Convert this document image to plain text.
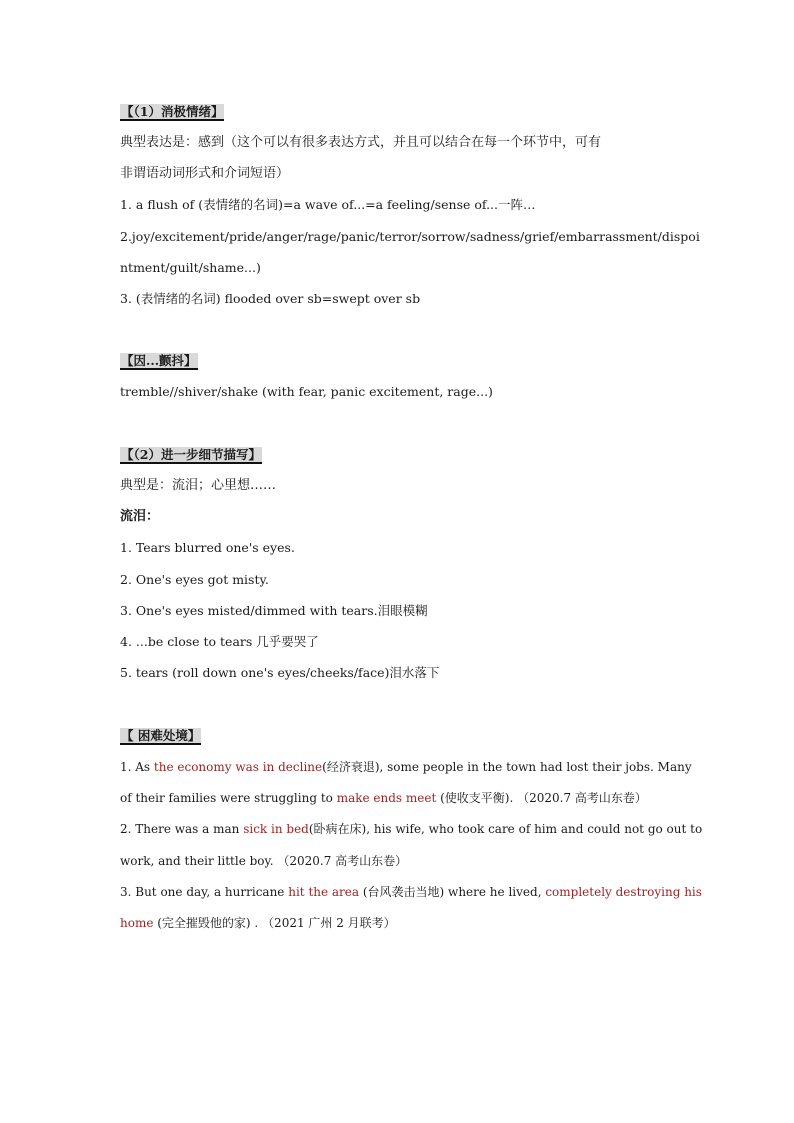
【（1）消极情绪】
典型表达是：感到（这个可以有很多表达方式，并且可以结合在每一个环节中，可有
非谓语动词形式和介词短语）
1. a flush of (表情绪的名词)=a wave of...=a feeling/sense of...一阵…
2.joy/excitement/pride/anger/rage/panic/terror/sorrow/sadness/grief/embarrassment/dispoi
ntment/guilt/shame...)
3. (表情绪的名词) flooded over sb=swept over sb
【因...颤抖】
tremble//shiver/shake (with fear, panic excitement, rage...)
【（2）进一步细节描写】
典型是：流泪；心里想……
流泪：
1. Tears blurred one's eyes.
2. One's eyes got misty.
3. One's eyes misted/dimmed with tears.泪眼模糊
4. ...be close to tears 几乎要哭了
5. tears (roll down one's eyes/cheeks/face)泪水落下
【 困难处境】
1. As the economy was in decline(经济衰退), some people in the town had lost their jobs. Many
of their families were struggling to make ends meet (使收支平衡). （2020.7 高考山东卷）
2. There was a man sick in bed(卧病在床), his wife, who took care of him and could not go out to
work, and their little boy. （2020.7 高考山东卷）
3. But one day, a hurricane hit the area (台风袭击当地) where he lived, completely destroying his
home (完全摧毁他的家) . （2021 广州 2 月联考）
